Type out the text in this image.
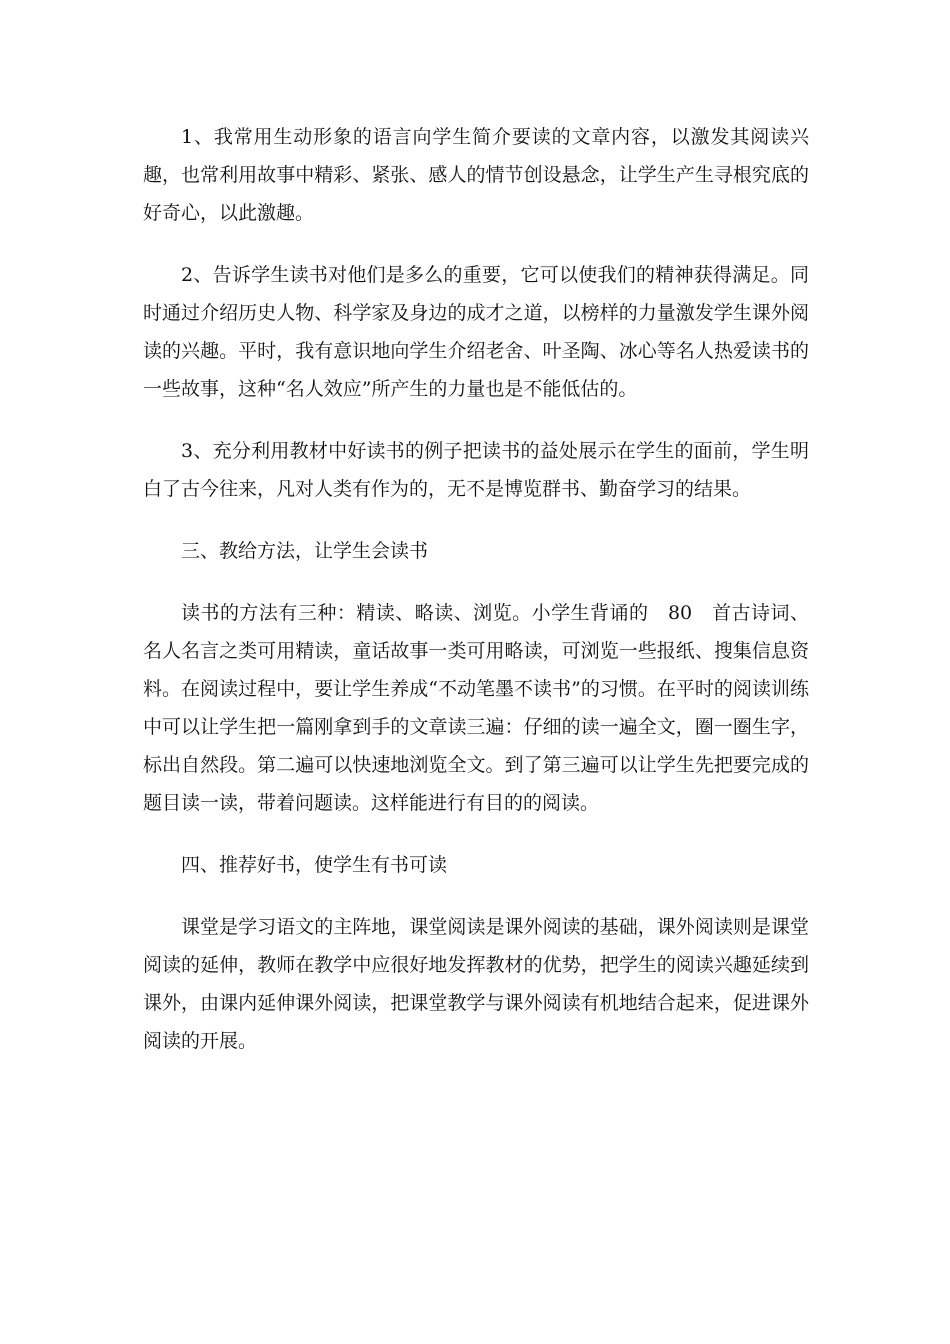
1、我常用生动形象的语言向学生简介要读的文章内容，以激发其阅读兴趣，也常利用故事中精彩、紧张、感人的情节创设悬念，让学生产生寻根究底的好奇心，以此激趣。

2、告诉学生读书对他们是多么的重要，它可以使我们的精神获得满足。同时通过介绍历史人物、科学家及身边的成才之道，以榜样的力量激发学生课外阅读的兴趣。平时，我有意识地向学生介绍老舍、叶圣陶、冰心等名人热爱读书的一些故事，这种“名人效应”所产生的力量也是不能低估的。

3、充分利用教材中好读书的例子把读书的益处展示在学生的面前，学生明白了古今往来，凡对人类有作为的，无不是博览群书、勤奋学习的结果。

三、教给方法，让学生会读书

读书的方法有三种：精读、略读、浏览。小学生背诵的　80　首古诗词、名人名言之类可用精读，童话故事一类可用略读，可浏览一些报纸、搜集信息资料。在阅读过程中，要让学生养成“不动笔墨不读书”的习惯。在平时的阅读训练中可以让学生把一篇刚拿到手的文章读三遍：仔细的读一遍全文，圈一圈生字，标出自然段。第二遍可以快速地浏览全文。到了第三遍可以让学生先把要完成的题目读一读，带着问题读。这样能进行有目的的阅读。

四、推荐好书，使学生有书可读

课堂是学习语文的主阵地，课堂阅读是课外阅读的基础，课外阅读则是课堂阅读的延伸，教师在教学中应很好地发挥教材的优势，把学生的阅读兴趣延续到课外，由课内延伸课外阅读，把课堂教学与课外阅读有机地结合起来，促进课外阅读的开展。
